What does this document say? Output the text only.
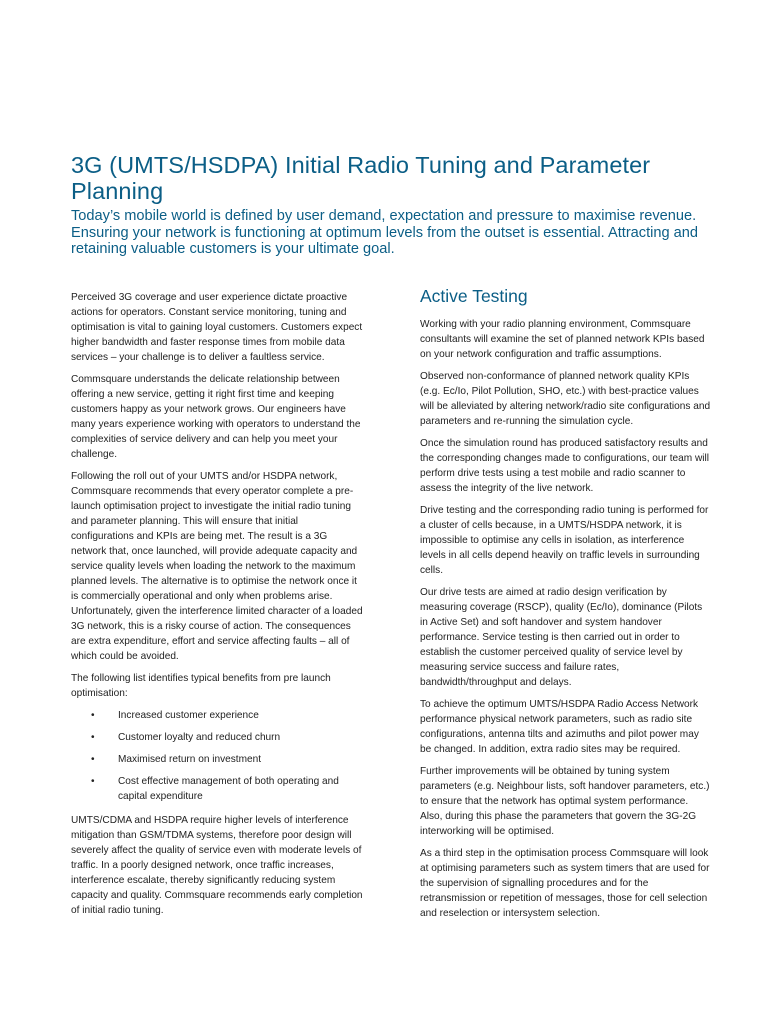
3G (UMTS/HSDPA) Initial Radio Tuning and Parameter Planning

Today’s mobile world is defined by user demand, expectation and pressure to maximise revenue. Ensuring your network is functioning at optimum levels from the outset is essential. Attracting and retaining valuable customers is your ultimate goal.

Perceived 3G coverage and user experience dictate proactive actions for operators. Constant service monitoring, tuning and optimisation is vital to gaining loyal customers. Customers expect higher bandwidth and faster response times from mobile data services – your challenge is to deliver a faultless service.

Commsquare understands the delicate relationship between offering a new service, getting it right first time and keeping customers happy as your network grows. Our engineers have many years experience working with operators to understand the complexities of service delivery and can help you meet your challenge.

Following the roll out of your UMTS and/or HSDPA network, Commsquare recommends that every operator complete a pre-launch optimisation project to investigate the initial radio tuning and parameter planning. This will ensure that initial configurations and KPIs are being met. The result is a 3G network that, once launched, will provide adequate capacity and service quality levels when loading the network to the maximum planned levels. The alternative is to optimise the network once it is commercially operational and only when problems arise. Unfortunately, given the interference limited character of a loaded 3G network, this is a risky course of action. The consequences are extra expenditure, effort and service affecting faults – all of which could be avoided.

The following list identifies typical benefits from pre launch optimisation:

• Increased customer experience
• Customer loyalty and reduced churn
• Maximised return on investment
• Cost effective management of both operating and capital expenditure

UMTS/CDMA and HSDPA require higher levels of interference mitigation than GSM/TDMA systems, therefore poor design will severely affect the quality of service even with moderate levels of traffic. In a poorly designed network, once traffic increases, interference escalate, thereby significantly reducing system capacity and quality. Commsquare recommends early completion of initial radio tuning.

Active Testing

Working with your radio planning environment, Commsquare consultants will examine the set of planned network KPIs based on your network configuration and traffic assumptions.

Observed non-conformance of planned network quality KPIs (e.g. Ec/Io, Pilot Pollution, SHO, etc.) with best-practice values will be alleviated by altering network/radio site configurations and parameters and re-running the simulation cycle.

Once the simulation round has produced satisfactory results and the corresponding changes made to configurations, our team will perform drive tests using a test mobile and radio scanner to assess the integrity of the live network.

Drive testing and the corresponding radio tuning is performed for a cluster of cells because, in a UMTS/HSDPA network, it is impossible to optimise any cells in isolation, as interference levels in all cells depend heavily on traffic levels in surrounding cells.

Our drive tests are aimed at radio design verification by measuring coverage (RSCP), quality (Ec/Io), dominance (Pilots in Active Set) and soft handover and system handover performance. Service testing is then carried out in order to establish the customer perceived quality of service level by measuring service success and failure rates, bandwidth/throughput and delays.

To achieve the optimum UMTS/HSDPA Radio Access Network performance physical network parameters, such as radio site configurations, antenna tilts and azimuths and pilot power may be changed. In addition, extra radio sites may be required.

Further improvements will be obtained by tuning system parameters (e.g. Neighbour lists, soft handover parameters, etc.) to ensure that the network has optimal system performance. Also, during this phase the parameters that govern the 3G-2G interworking will be optimised.

As a third step in the optimisation process Commsquare will look at optimising parameters such as system timers that are used for the supervision of signalling procedures and for the retransmission or repetition of messages, those for cell selection and reselection or intersystem selection.
